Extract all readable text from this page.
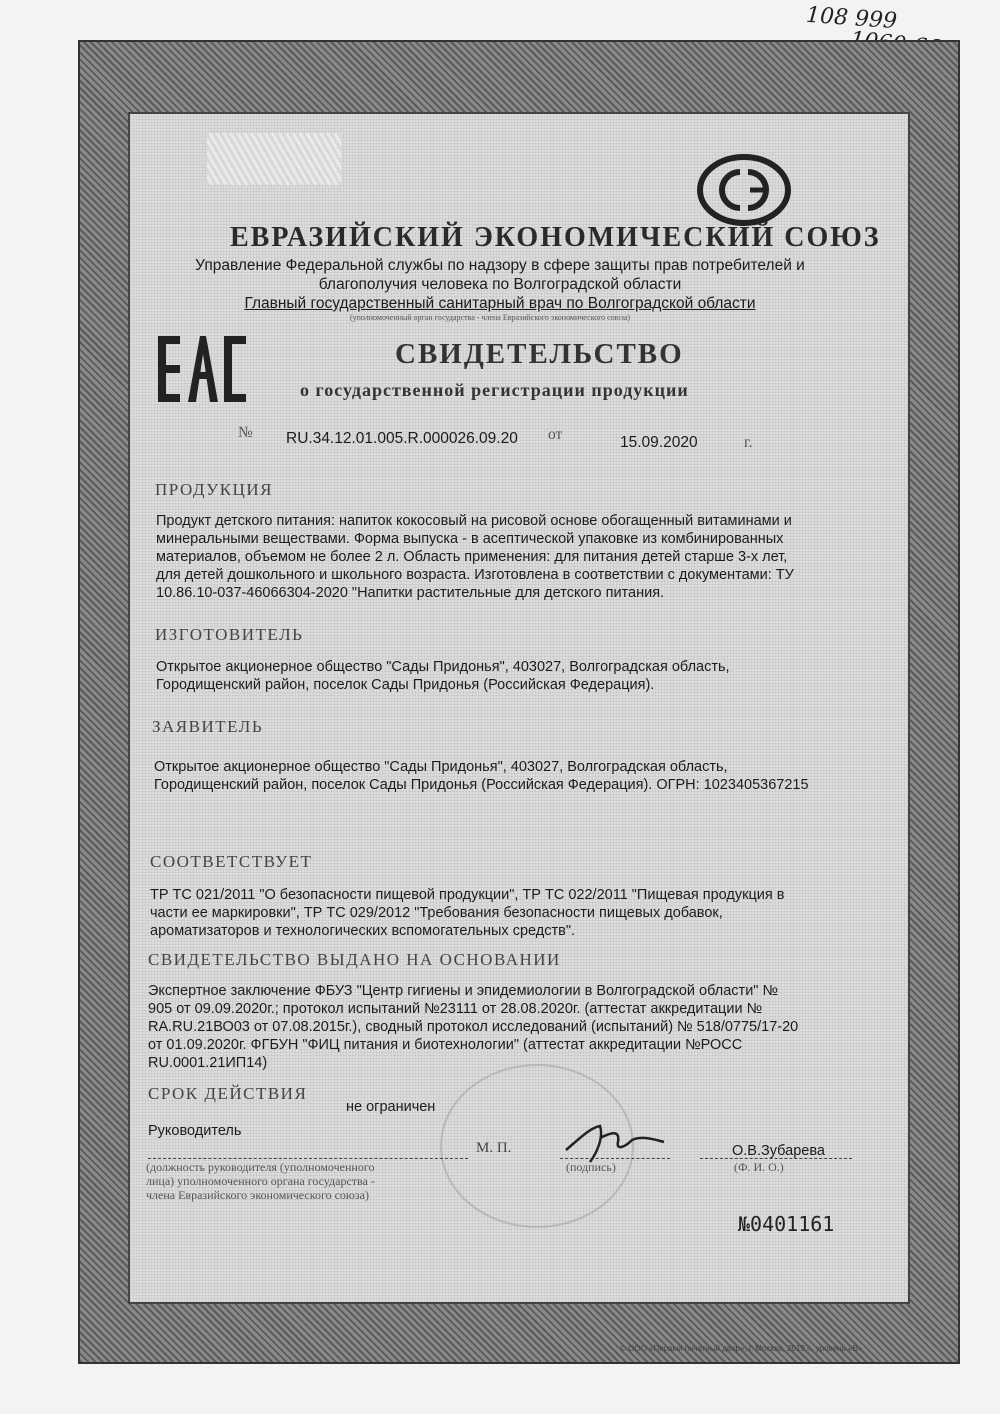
108 999
ЕВРАЗИЙСКИЙ ЭКОНОМИЧЕСКИЙ СОЮЗ
Управление Федеральной службы по надзору в сфере защиты прав потребителей и
благополучия человека по Волгоградской области
Главный государственный санитарный врач по Волгоградской области
(уполномоченный орган государства - члена Евразийского экономического союза)
СВИДЕТЕЛЬСТВО
о государственной регистрации продукции
№ RU.34.12.01.005.R.000026.09.20 от	15.09.2020	г.
ПРОДУКЦИЯ
Продукт детского питания: напиток кокосовый на рисовой основе обогащенный витаминами и
минеральными веществами. Форма выпуска - в асептической упаковке из комбинированных
материалов, объемом не более 2 л. Область применения: для питания детей старше 3-х лет,
для детей дошкольного и школьного возраста. Изготовлена в соответствии с документами: ТУ
10.86.10-037-46066304-2020 "Напитки растительные для детского питания.
ИЗГОТОВИТЕЛЬ
Открытое акционерное общество "Сады Придонья", 403027, Волгоградская область,
Городищенский район, поселок Сады Придонья (Российская Федерация).
ЗАЯВИТЕЛЬ
Открытое акционерное общество "Сады Придонья", 403027, Волгоградская область,
Городищенский район, поселок Сады Придонья (Российская Федерация). ОГРН: 1023405367215
СООТВЕТСТВУЕТ
ТР ТС 021/2011 "О безопасности пищевой продукции", ТР ТС 022/2011 "Пищевая продукция в
части ее маркировки", ТР ТС 029/2012 "Требования безопасности пищевых добавок,
ароматизаторов и технологических вспомогательных средств".
СВИДЕТЕЛЬСТВО ВЫДАНО НА ОСНОВАНИИ
Экспертное заключение ФБУЗ "Центр гигиены и эпидемиологии в Волгоградской области" №
905 от 09.09.2020г.; протокол испытаний №23111 от 28.08.2020г. (аттестат аккредитации №
RA.RU.21ВО03 от 07.08.2015г.), сводный протокол исследований (испытаний) № 518/0775/17-20
от 01.09.2020г. ФГБУН "ФИЦ питания и биотехнологии" (аттестат аккредитации №РОСС
RU.0001.21ИП14)
СРОК ДЕЙСТВИЯ
не ограничен
Руководитель
(должность руководителя (уполномоченного
лица) уполномоченного органа государства -
члена Евразийского экономического союза)
М. П.
(подпись)
О.В.Зубарева
(Ф. И. О.)
№0401161
© ООО «Первый печатный двор», г. Москва, 2019 г., уровень «В»
